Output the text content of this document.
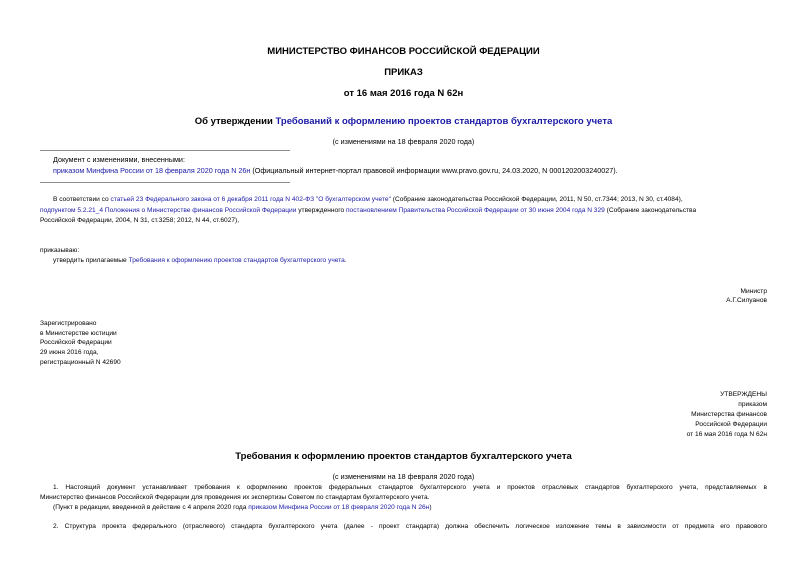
МИНИСТЕРСТВО ФИНАНСОВ РОССИЙСКОЙ ФЕДЕРАЦИИ
ПРИКАЗ
от 16 мая 2016 года N 62н
Об утверждении Требований к оформлению проектов стандартов бухгалтерского учета
(с изменениями на 18 февраля 2020 года)
Документ с изменениями, внесенными:
приказом Минфина России от 18 февраля 2020 года N 26н (Официальный интернет-портал правовой информации www.pravo.gov.ru, 24.03.2020, N 0001202003240027).
В соответствии со статьей 23 Федерального закона от 6 декабря 2011 года N 402-ФЗ "О бухгалтерском учете" (Собрание законодательства Российской Федерации, 2011, N 50, ст.7344; 2013, N 30, ст.4084),
подпунктом 5.2.21_4 Положения о Министерстве финансов Российской Федерации утвержденного постановлением Правительства Российской Федерации от 30 июня 2004 года N 329 (Собрание законодательства
Российской Федерации, 2004, N 31, ст.3258; 2012, N 44, ст.6027),
приказываю:
утвердить прилагаемые Требования к оформлению проектов стандартов бухгалтерского учета.
Министр
А.Г.Силуанов
Зарегистрировано
в Министерстве юстиции
Российской Федерации
29 июня 2016 года,
регистрационный N 42690
УТВЕРЖДЕНЫ
приказом
Министерства финансов
Российской Федерации
от 16 мая 2016 года N 62н
Требования к оформлению проектов стандартов бухгалтерского учета
(с изменениями на 18 февраля 2020 года)
1. Настоящий документ устанавливает требования к оформлению проектов федеральных стандартов бухгалтерского учета и проектов отраслевых стандартов бухгалтерского учета, представляемых в
Министерство финансов Российской Федерации для проведения их экспертизы Советом по стандартам бухгалтерского учета.
(Пункт в редакции, введенной в действие с 4 апреля 2020 года приказом Минфина России от 18 февраля 2020 года N 26н)
2. Структура проекта федерального (отраслевого) стандарта бухгалтерского учета (далее - проект стандарта) должна обеспечить логическое изложение темы в зависимости от предмета его правового
